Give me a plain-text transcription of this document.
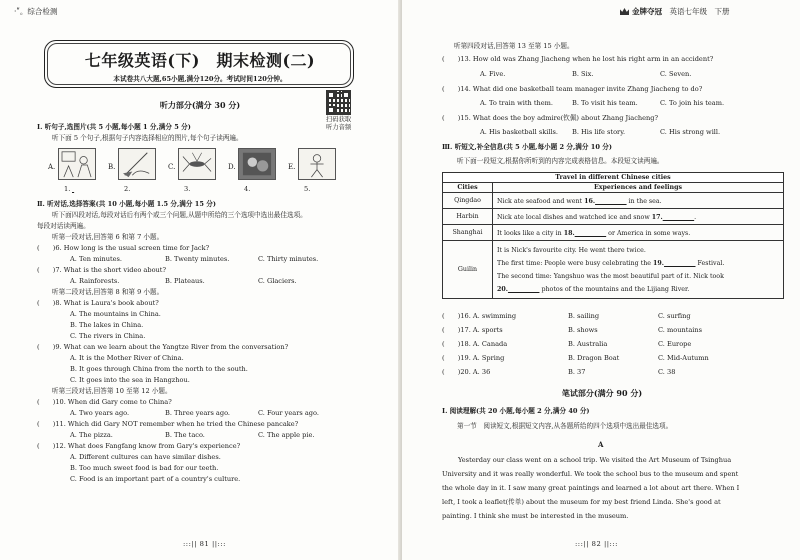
·ʺ。综合检测
七年级英语(下)　期末检测(二)
本试卷共八大题,65小题,满分120分。考试时间120分钟。
听力部分(满分 30 分)
扫码获取
听力音频
Ⅰ. 听句子,选图片(共 5 小题,每小题 1 分,满分 5 分)
听下面 5 个句子,根据句子内容选择相应的图片,每个句子读两遍。
A.	B.	C.	D.	E.
1.
	2.	3.	4.	5.
Ⅱ. 听对话,选择答案(共 10 小题,每小题 1.5 分,满分 15 分)
听下面四段对话,每段对话后有两个或三个问题,从题中所给的三个选项中选出最佳选项。
每段对话读两遍。
听第一段对话,回答第 6 和第 7 小题。
(　　)6. How long is the usual screen time for Jack?
A. Ten minutes.	B. Twenty minutes.	C. Thirty minutes.
(　　)7. What is the short video about?
A. Rainforests.	B. Plateaus.	C. Glaciers.
听第二段对话,回答第 8 和第 9 小题。
(　　)8. What is Laura's book about?
A. The mountains in China.
B. The lakes in China.
C. The rivers in China.
(　　)9. What can we learn about the Yangtze River from the conversation?
A. It is the Mother River of China.
B. It goes through China from the north to the south.
C. It goes into the sea in Hangzhou.
听第三段对话,回答第 10 至第 12 小题。
(　　)10. When did Gary come to China?
A. Two years ago.	B. Three years ago.	C. Four years ago.
(　　)11. Which did Gary NOT remember when he tried the Chinese pancake?
A. The pizza.	B. The taco.	C. The apple pie.
(　　)12. What does Fangfang know from Gary's experience?
A. Different cultures can have similar dishes.
B. Too much sweet food is bad for our teeth.
C. Food is an important part of a country's culture.
:::|| 81 ||:::
金牌夺冠　 英语七年级　下册
听第四段对话,回答第 13 至第 15 小题。
(　　)13. How old was Zhang Jiacheng when he lost his right arm in an accident?
A. Five.	B. Six.	C. Seven.
(　　)14. What did one basketball team manager invite Zhang Jiacheng to do?
A. To train with them.	B. To visit his team.	C. To join his team.
(　　)15. What does the boy admire(钦佩) about Zhang Jiacheng?
A. His basketball skills. B. His life story.	C. His strong will.
Ⅲ. 听短文,补全信息(共 5 小题,每小题 2 分,满分 10 分)
听下面一段短文,根据你所听到的内容完成表格信息。本段短文读两遍。
Travel in different Chinese cities	
Cities	Experiences and feelings
Qingdao	Nick ate seafood and went 16.　　　　　 in the sea.
Harbin	Nick ate local dishes and watched ice and snow 17.　　　　　 .
Shanghai	It looks like a city in 18.　　　　　 or America in some ways.
Guilin	It is Nick's favourite city. He went there twice.
The first time: People were busy celebrating the 19.　　　　　 Festival.
The second time: Yangshuo was the most beautiful part of it. Nick took
20.　　　　　 photos of the mountains and the Lijiang River.
(　　)16. A. swimming	B. sailing	C. surfing
(　　)17. A. sports	B. shows	C. mountains
(　　)18. A. Canada	B. Australia	C. Europe
(　　)19. A. Spring	B. Dragon Boat	C. Mid-Autumn
(　　)20. A. 36	B. 37	C. 38
笔试部分(满分 90 分)
Ⅰ. 阅读理解(共 20 小题,每小题 2 分,满分 40 分)
第一节　阅读短文,根据短文内容,从各题所给的四个选项中选出最佳选项。
A
Yesterday our class went on a school trip. We visited the Art Museum of Tsinghua
University and it was really wonderful. We took the school bus to the museum and spent
the whole day in it. I saw many great paintings and learned a lot about art there. When I
left, I took a leaflet(传单) about the museum for my best friend Linda. She's good at
painting. I think she must be interested in the museum.
:::|| 82 ||:::
